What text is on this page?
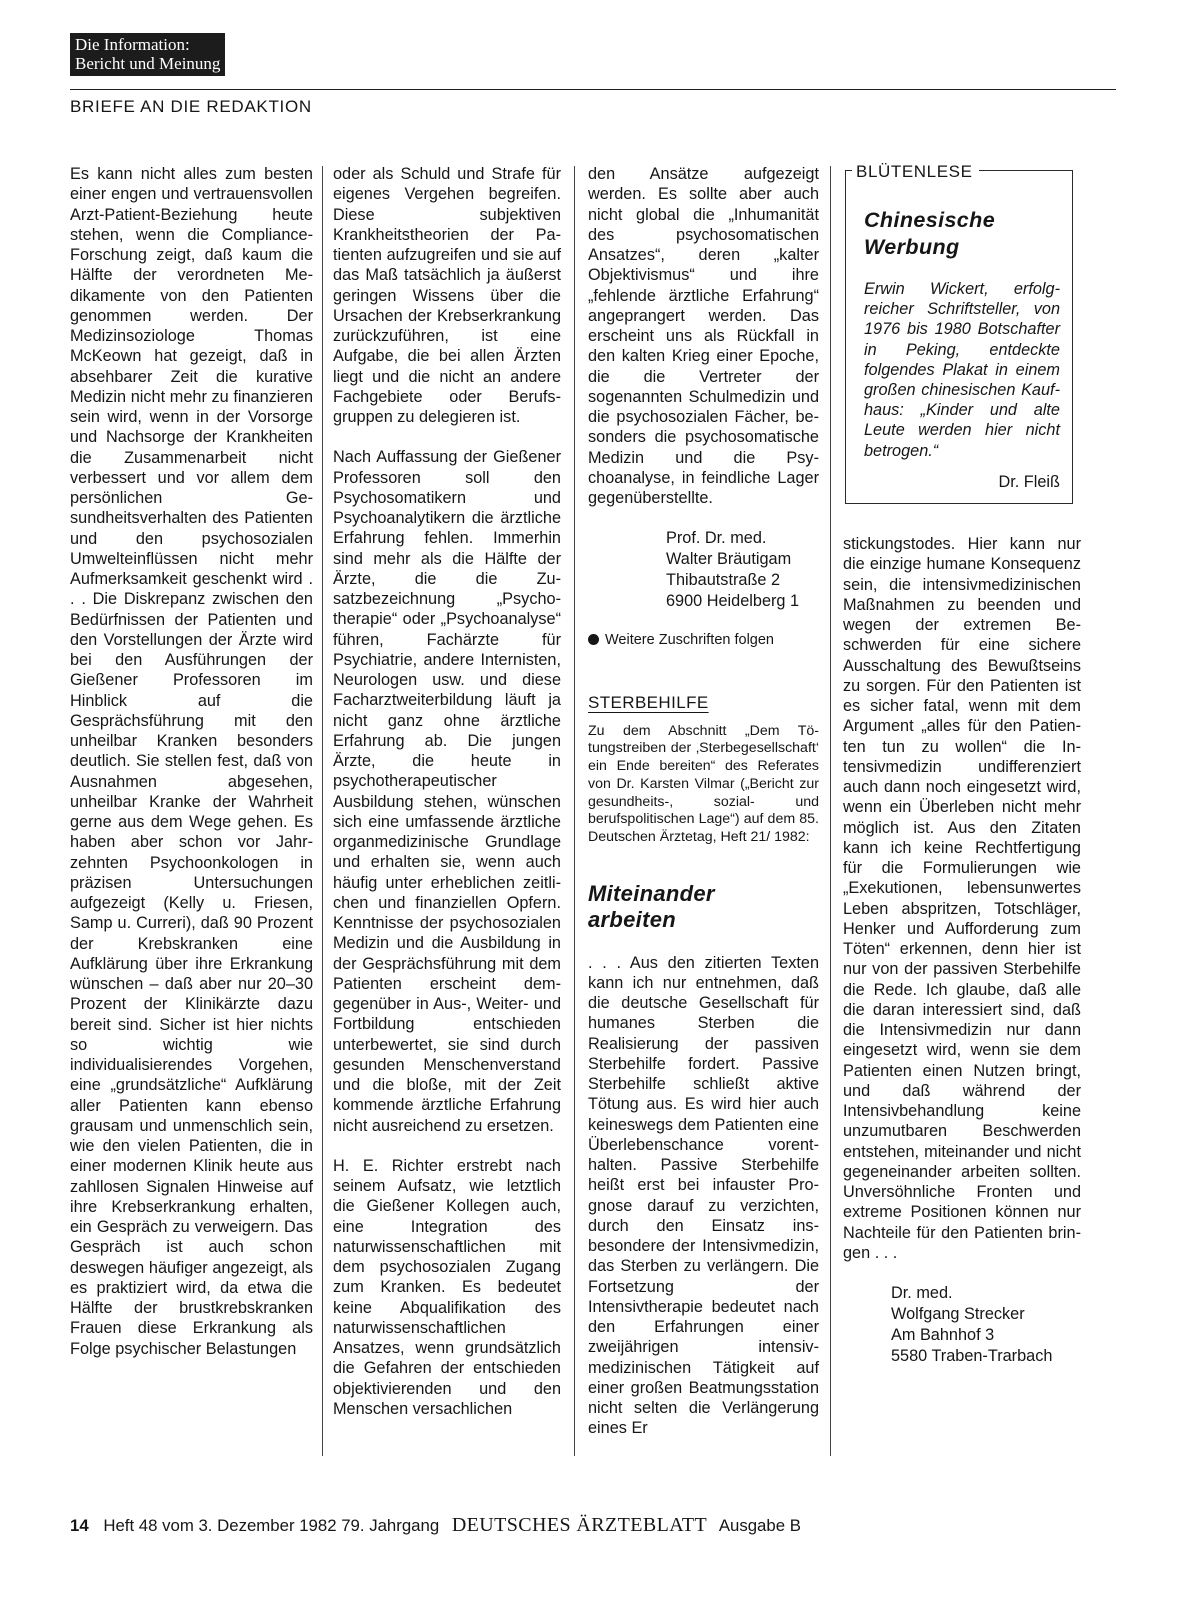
Die Information:
Bericht und Meinung
BRIEFE AN DIE REDAKTION

Es kann nicht alles zum besten einer engen und vertrauensvollen Arzt-Patient-Beziehung heute stehen, wenn die Compliance-Forschung zeigt, daß kaum die Hälfte der verordneten Medikamente von den Patienten genommen werden. Der Medizinsoziologe Thomas McKeown hat gezeigt, daß in absehbarer Zeit die kurative Medizin nicht mehr zu finanzieren sein wird, wenn in der Vorsorge und Nachsorge der Krankheiten die Zusammenarbeit nicht verbessert und vor allem dem persönlichen Gesundheitsverhalten des Patienten und den psychosozialen Umwelteinflüssen nicht mehr Aufmerksamkeit geschenkt wird . . . Die Diskrepanz zwischen den Bedürfnissen der Patienten und den Vorstellungen der Ärzte wird bei den Ausführungen der Gießener Professoren im Hinblick auf die Gesprächsführung mit den unheilbar Kranken besonders deutlich. Sie stellen fest, daß von Ausnahmen abgesehen, unheilbar Kranke der Wahrheit gerne aus dem Wege gehen. Es haben aber schon vor Jahrzehnten Psychoonkologen in präzisen Untersuchungen aufgezeigt (Kelly u. Friesen, Samp u. Curreri), daß 90 Prozent der Krebskranken eine Aufklärung über ihre Erkrankung wünschen – daß aber nur 20–30 Prozent der Klinikärzte dazu bereit sind. Sicher ist hier nichts so wichtig wie individualisierendes Vorgehen, eine „grundsätzliche“ Aufklärung aller Patienten kann ebenso grausam und unmenschlich sein, wie den vielen Patienten, die in einer modernen Klinik heute aus zahllosen Signalen Hinweise auf ihre Krebserkrankung erhalten, ein Gespräch zu verweigern. Das Gespräch ist auch schon deswegen häufiger angezeigt, als es praktiziert wird, da etwa die Hälfte der brustkrebskranken Frauen diese Erkrankung als Folge psychischer Belastungen

oder als Schuld und Strafe für eigenes Vergehen begreifen. Diese subjektiven Krankheitstheorien der Patienten aufzugreifen und sie auf das Maß tatsächlich ja äußerst geringen Wissens über die Ursachen der Krebserkrankung zurückzuführen, ist eine Aufgabe, die bei allen Ärzten liegt und die nicht an andere Fachgebiete oder Berufsgruppen zu delegieren ist.

Nach Auffassung der Gießener Professoren soll den Psychosomatikern und Psychoanalytikern die ärztliche Erfahrung fehlen. Immerhin sind mehr als die Hälfte der Ärzte, die die Zusatzbezeichnung „Psychotherapie“ oder „Psychoanalyse“ führen, Fachärzte für Psychiatrie, andere Internisten, Neurologen usw. und diese Facharztweiterbildung läuft ja nicht ganz ohne ärztliche Erfahrung ab. Die jungen Ärzte, die heute in psychotherapeutischer Ausbildung stehen, wünschen sich eine umfassende ärztliche organmedizinische Grundlage und erhalten sie, wenn auch häufig unter erheblichen zeitlichen und finanziellen Opfern. Kenntnisse der psychosozialen Medizin und die Ausbildung in der Gesprächsführung mit dem Patienten erscheint demgegenüber in Aus-, Weiter- und Fortbildung entschieden unterbewertet, sie sind durch gesunden Menschenverstand und die bloße, mit der Zeit kommende ärztliche Erfahrung nicht ausreichend zu ersetzen.

H. E. Richter erstrebt nach seinem Aufsatz, wie letztlich die Gießener Kollegen auch, eine Integration des naturwissenschaftlichen mit dem psychosozialen Zugang zum Kranken. Es bedeutet keine Abqualifikation des naturwissenschaftlichen Ansatzes, wenn grundsätzlich die Gefahren der entschieden objektivierenden und den Menschen versachlichen

den Ansätze aufgezeigt werden. Es sollte aber auch nicht global die „Inhumanität des psychosomatischen Ansatzes“, deren „kalter Objektivismus“ und ihre „fehlende ärztliche Erfahrung“ angeprangert werden. Das erscheint uns als Rückfall in den kalten Krieg einer Epoche, die die Vertreter der sogenannten Schulmedizin und die psychosozialen Fächer, besonders die psychosomatische Medizin und die Psychoanalyse, in feindliche Lager gegenüberstellte.

Prof. Dr. med.
Walter Bräutigam
Thibautstraße 2
6900 Heidelberg 1

Weitere Zuschriften folgen

STERBEHILFE

Zu dem Abschnitt „Dem Tötungstreiben der ‚Sterbegesellschaft‘ ein Ende bereiten“ des Referates von Dr. Karsten Vilmar („Bericht zur gesundheits-, sozial- und berufspolitischen Lage“) auf dem 85. Deutschen Ärztetag, Heft 21/ 1982:

Miteinander
arbeiten

. . . Aus den zitierten Texten kann ich nur entnehmen, daß die deutsche Gesellschaft für humanes Sterben die Realisierung der passiven Sterbehilfe fordert. Passive Sterbehilfe schließt aktive Tötung aus. Es wird hier auch keineswegs dem Patienten eine Überlebenschance vorenthalten. Passive Sterbehilfe heißt erst bei infauster Prognose darauf zu verzichten, durch den Einsatz insbesondere der Intensivmedizin, das Sterben zu verlängern. Die Fortsetzung der Intensivtherapie bedeutet nach den Erfahrungen einer zweijährigen intensivmedizinischen Tätigkeit auf einer großen Beatmungsstation nicht selten die Verlängerung eines Er

BLÜTENLESE
Chinesische
Werbung
Erwin Wickert, erfolgreicher Schriftsteller, von 1976 bis 1980 Botschafter in Peking, entdeckte folgendes Plakat in einem großen chinesischen Kaufhaus: „Kinder und alte Leute werden hier nicht betrogen.“
Dr. Fleiß

stickungstodes. Hier kann nur die einzige humane Konsequenz sein, die intensivmedizinischen Maßnahmen zu beenden und wegen der extremen Beschwerden für eine sichere Ausschaltung des Bewußtseins zu sorgen. Für den Patienten ist es sicher fatal, wenn mit dem Argument „alles für den Patienten tun zu wollen“ die Intensivmedizin undifferenziert auch dann noch eingesetzt wird, wenn ein Überleben nicht mehr möglich ist. Aus den Zitaten kann ich keine Rechtfertigung für die Formulierungen wie „Exekutionen, lebensunwertes Leben abspritzen, Totschläger, Henker und Aufforderung zum Töten“ erkennen, denn hier ist nur von der passiven Sterbehilfe die Rede. Ich glaube, daß alle die daran interessiert sind, daß die Intensivmedizin nur dann eingesetzt wird, wenn sie dem Patienten einen Nutzen bringt, und daß während der Intensivbehandlung keine unzumutbaren Beschwerden entstehen, miteinander und nicht gegeneinander arbeiten sollten. Unversöhnliche Fronten und extreme Positionen können nur Nachteile für den Patienten bringen . . .

Dr. med.
Wolfgang Strecker
Am Bahnhof 3
5580 Traben-Trarbach

14 Heft 48 vom 3. Dezember 1982 79. Jahrgang DEUTSCHES ÄRZTEBLATT Ausgabe B
